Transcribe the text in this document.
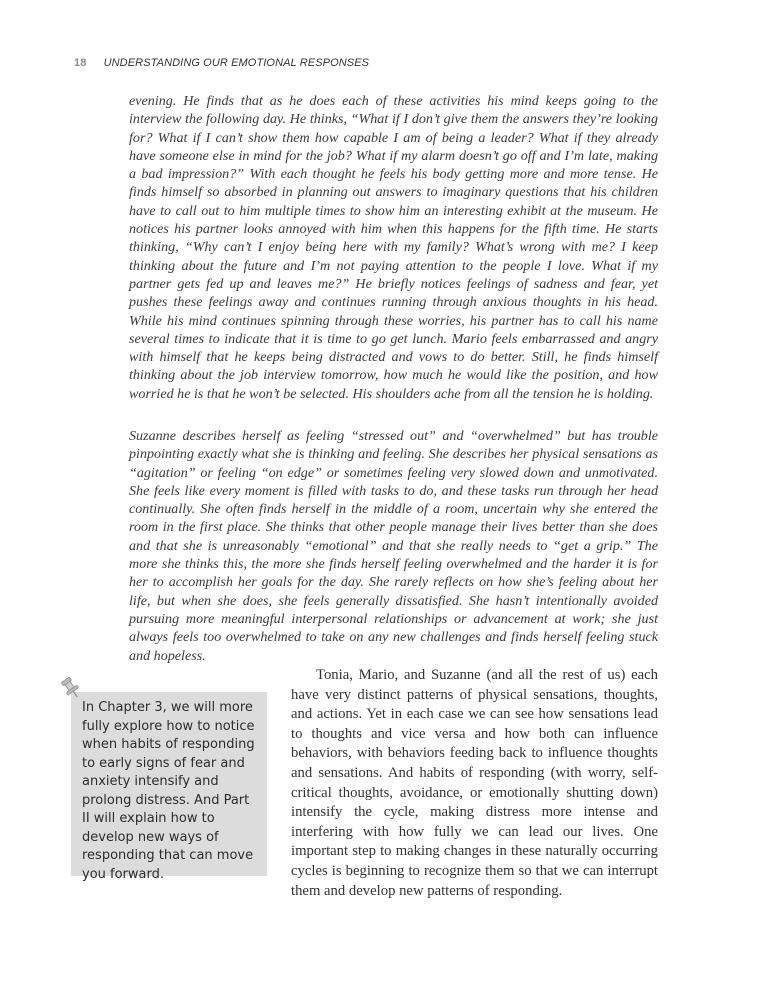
18 UNDERSTANDING OUR EMOTIONAL RESPONSES

evening. He finds that as he does each of these activities his mind keeps going to the interview the following day. He thinks, “What if I don’t give them the answers they’re looking for? What if I can’t show them how capable I am of being a leader? What if they already have someone else in mind for the job? What if my alarm doesn’t go off and I’m late, making a bad impression?” With each thought he feels his body getting more and more tense. He finds himself so absorbed in planning out answers to imaginary questions that his children have to call out to him multiple times to show him an interesting exhibit at the museum. He notices his partner looks annoyed with him when this happens for the fifth time. He starts thinking, “Why can’t I enjoy being here with my family? What’s wrong with me? I keep thinking about the future and I’m not paying attention to the people I love. What if my partner gets fed up and leaves me?” He briefly notices feelings of sadness and fear, yet pushes these feelings away and continues running through anxious thoughts in his head. While his mind continues spinning through these worries, his partner has to call his name several times to indicate that it is time to go get lunch. Mario feels embarrassed and angry with himself that he keeps being distracted and vows to do better. Still, he finds himself thinking about the job interview tomorrow, how much he would like the position, and how worried he is that he won’t be selected. His shoulders ache from all the tension he is holding.

Suzanne describes herself as feeling “stressed out” and “overwhelmed” but has trouble pinpointing exactly what she is thinking and feeling. She describes her physical sensations as “agitation” or feeling “on edge” or sometimes feeling very slowed down and unmotivated. She feels like every moment is filled with tasks to do, and these tasks run through her head continually. She often finds herself in the middle of a room, uncertain why she entered the room in the first place. She thinks that other people manage their lives better than she does and that she is unreasonably “emotional” and that she really needs to “get a grip.” The more she thinks this, the more she finds herself feeling overwhelmed and the harder it is for her to accomplish her goals for the day. She rarely reflects on how she’s feeling about her life, but when she does, she feels generally dissatisfied. She hasn’t intentionally avoided pursuing more meaningful interpersonal relationships or advancement at work; she just always feels too overwhelmed to take on any new challenges and finds herself feeling stuck and hopeless.

In Chapter 3, we will more fully explore how to notice when habits of responding to early signs of fear and anxiety intensify and prolong distress. And Part II will explain how to develop new ways of responding that can move you forward.

Tonia, Mario, and Suzanne (and all the rest of us) each have very distinct patterns of physical sensations, thoughts, and actions. Yet in each case we can see how sensations lead to thoughts and vice versa and how both can influence behaviors, with behaviors feeding back to influence thoughts and sensations. And habits of responding (with worry, self-critical thoughts, avoidance, or emotionally shutting down) intensify the cycle, making distress more intense and interfering with how fully we can lead our lives. One important step to making changes in these naturally occurring cycles is beginning to recognize them so that we can interrupt them and develop new patterns of responding.
